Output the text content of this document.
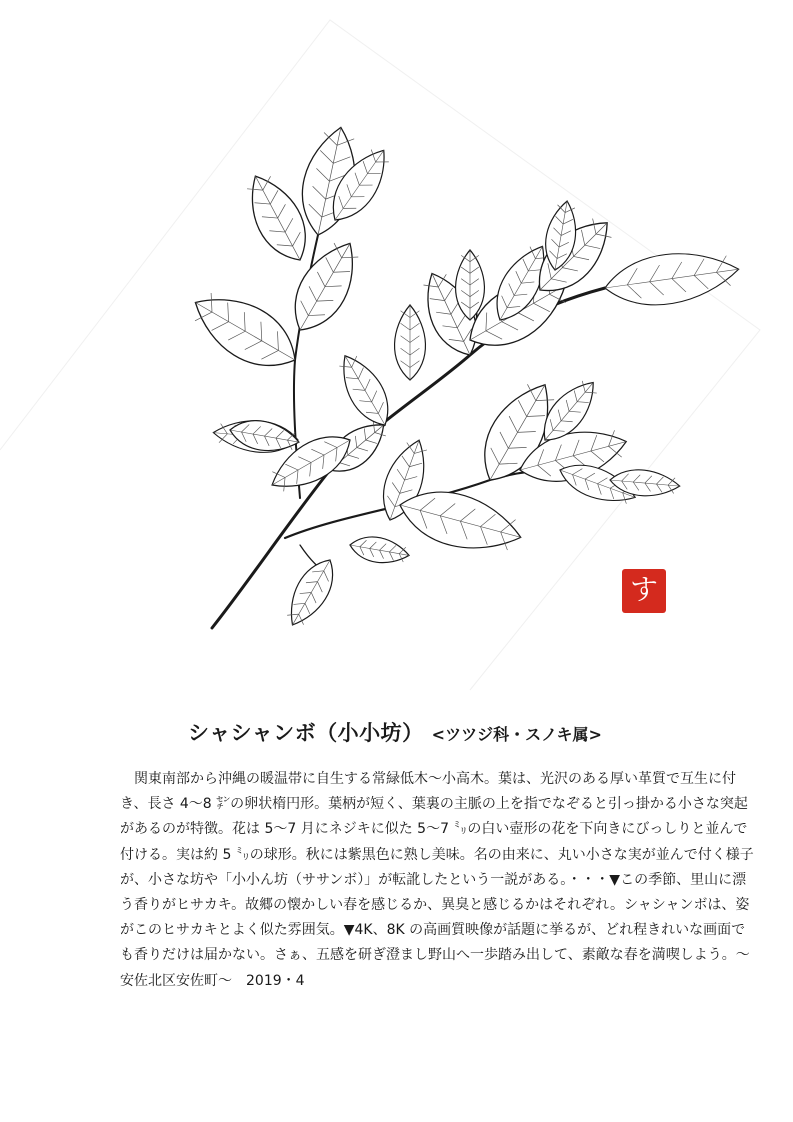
す
シャシャンボ（小小坊） <ツツジ科・スノキ属>
　関東南部から沖縄の暖温帯に自生する常緑低木～小高木。葉は、光沢のある厚い革質で互生に付
き、長さ 4～8 ㌢の卵状楕円形。葉柄が短く、葉裏の主脈の上を指でなぞると引っ掛かる小さな突起
があるのが特徴。花は 5～7 月にネジキに似た 5～7 ㍉の白い壺形の花を下向きにびっしりと並んで
付ける。実は約 5 ㍉の球形。秋には紫黒色に熟し美味。名の由来に、丸い小さな実が並んで付く様子
が、小さな坊や「小小ん坊（ササンボ）」が転訛したという一説がある。・・・▼この季節、里山に漂
う香りがヒサカキ。故郷の懐かしい春を感じるか、異臭と感じるかはそれぞれ。シャシャンボは、姿
がこのヒサカキとよく似た雰囲気。▼4K、8K の高画質映像が話題に挙るが、どれ程きれいな画面で
も香りだけは届かない。さぁ、五感を研ぎ澄まし野山へ一歩踏み出して、素敵な春を満喫しよう。～
安佐北区安佐町～　2019・4
